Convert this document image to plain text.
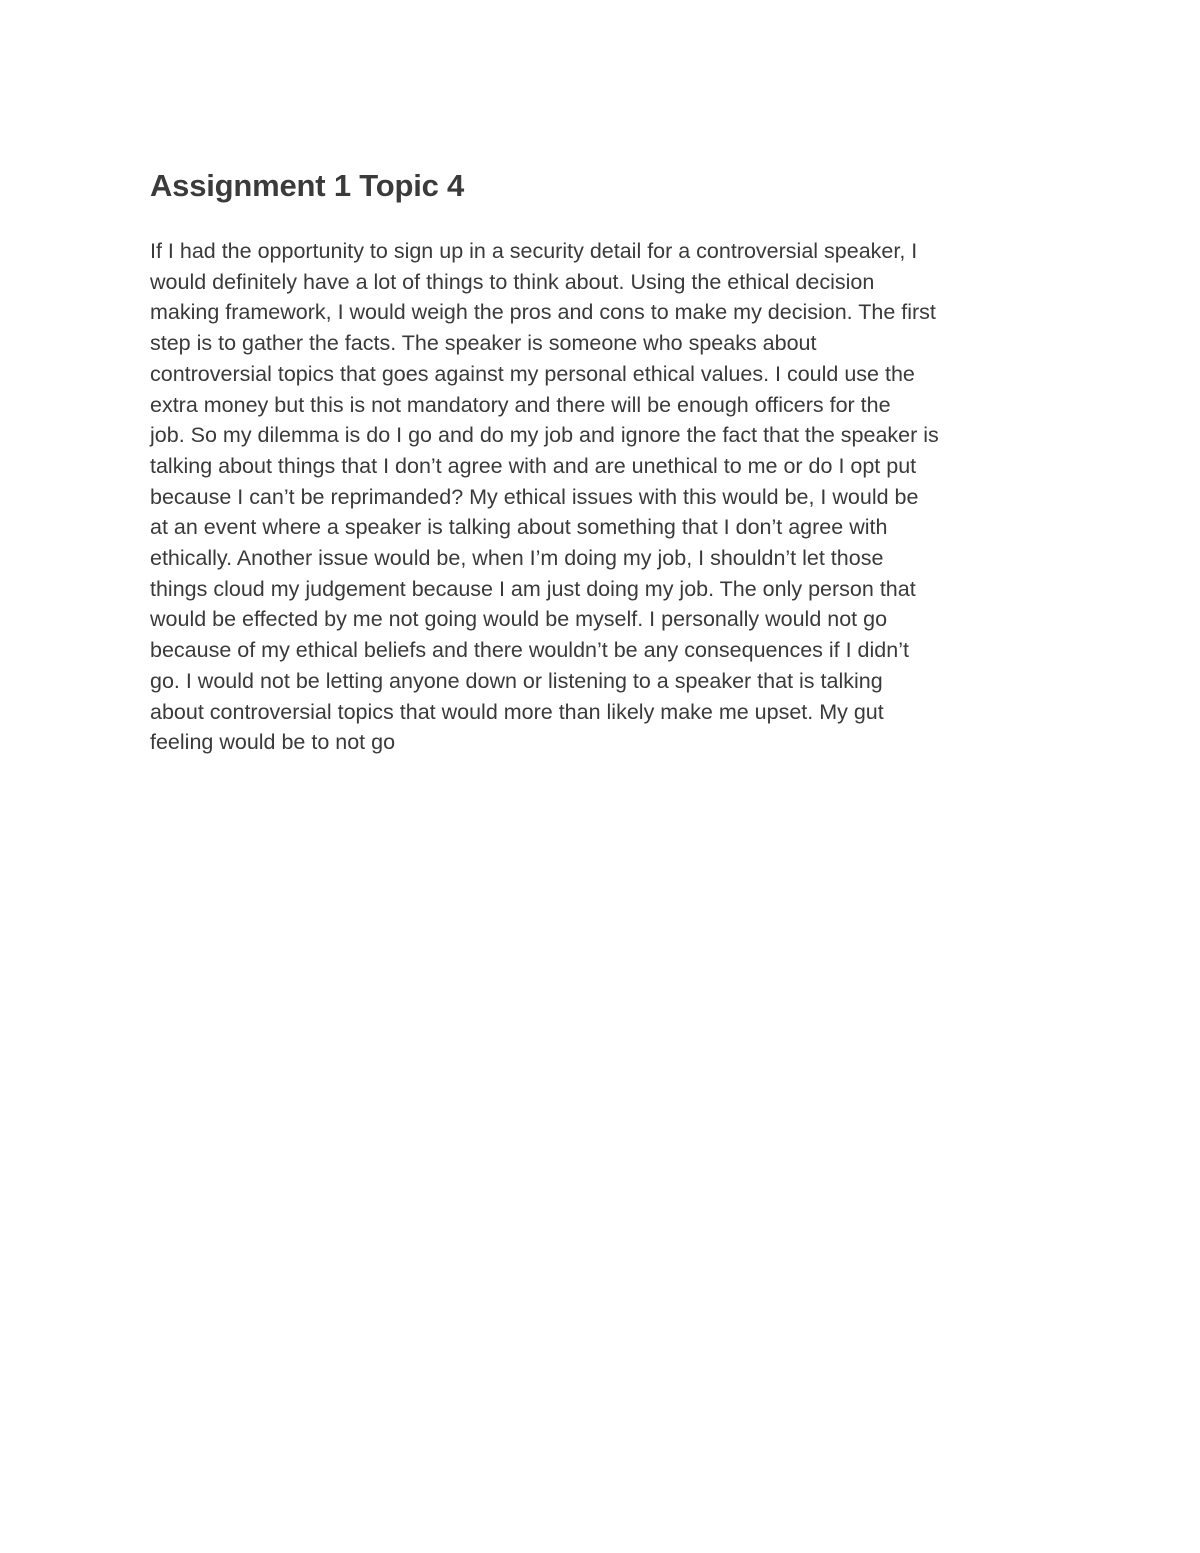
Assignment 1 Topic 4
If I had the opportunity to sign up in a security detail for a controversial speaker, I
would definitely have a lot of things to think about. Using the ethical decision
making framework, I would weigh the pros and cons to make my decision. The first
step is to gather the facts. The speaker is someone who speaks about
controversial topics that goes against my personal ethical values. I could use the
extra money but this is not mandatory and there will be enough officers for the
job. So my dilemma is do I go and do my job and ignore the fact that the speaker is
talking about things that I don’t agree with and are unethical to me or do I opt put
because I can’t be reprimanded? My ethical issues with this would be, I would be
at an event where a speaker is talking about something that I don’t agree with
ethically. Another issue would be, when I’m doing my job, I shouldn’t let those
things cloud my judgement because I am just doing my job. The only person that
would be effected by me not going would be myself. I personally would not go
because of my ethical beliefs and there wouldn’t be any consequences if I didn’t
go. I would not be letting anyone down or listening to a speaker that is talking
about controversial topics that would more than likely make me upset. My gut
feeling would be to not go
